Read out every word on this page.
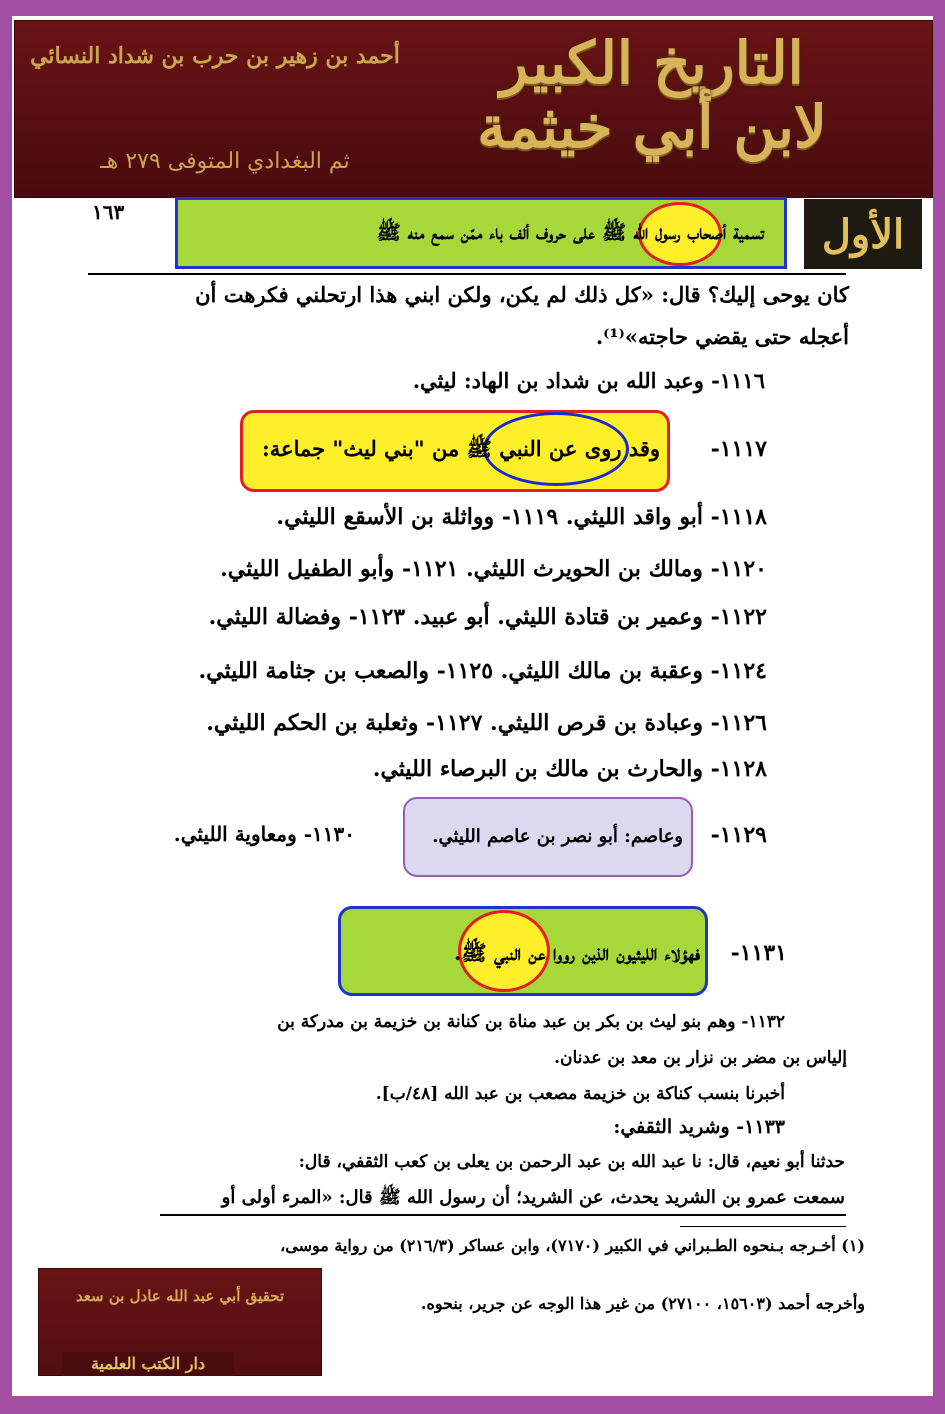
التاريخ الكبير
لابن أبي خيثمة
أحمد بن زهير بن حرب بن شداد النسائي
ثم البغدادي المتوفى ٢٧٩ هـ
١٦٣
تسمية أصحاب رسول الله ﷺ على حروف ألف باء ممّن سمع منه ﷺ	الأول
كان يوحى إليك؟ قال: «كل ذلك لم يكن، ولكن ابني هذا ارتحلني فكرهت أن
أعجله حتى يقضي حاجته»⁽¹⁾.
١١١٦- وعبد الله بن شداد بن الهاد: ليثي.
١١١٧-
وقد روى عن النبي ﷺ من "بني ليث" جماعة:
١١١٨- أبو واقد الليثي. ١١١٩- وواثلة بن الأسقع الليثي.
١١٢٠- ومالك بن الحويرث الليثي. ١١٢١- وأبو الطفيل الليثي.
١١٢٢- وعمير بن قتادة الليثي. أبو عبيد. ١١٢٣- وفضالة الليثي.
١١٢٤- وعقبة بن مالك الليثي. ١١٢٥- والصعب بن جثامة الليثي.
١١٢٦- وعبادة بن قرص الليثي. ١١٢٧- وثعلبة بن الحكم الليثي.
١١٢٨- والحارث بن مالك بن البرصاء الليثي.
١١٢٩-
وعاصم: أبو نصر بن عاصم الليثي.
١١٣٠- ومعاوية الليثي.
١١٣١-
فهؤلاء الليثيون الذين رووا عن النبي ﷺ.
١١٣٢- وهم بنو ليث بن بكر بن عبد مناة بن كنانة بن خزيمة بن مدركة بن
إلياس بن مضر بن نزار بن معد بن عدنان.
أخبرنا بنسب كناكة بن خزيمة مصعب بن عبد الله [٤٨/ب].
١١٣٣- وشريد الثقفي:
حدثنا أبو نعيم، قال: نا عبد الله بن عبد الرحمن بن يعلى بن كعب الثقفي، قال:
سمعت عمرو بن الشريد يحدث، عن الشريد؛ أن رسول الله ﷺ قال: «المرء أولى أو
(١) أخـرجه بـنحوه الطـبراني في الكبير (٧١٧٠)، وابن عساكر (٢١٦/٣) من رواية موسى،
وأخرجه أحمد (١٥٦٠٣، ٢٧١٠٠) من غير هذا الوجه عن جرير، بنحوه.
تحقيق أبي عبد الله عادل بن سعد
دار الكتب العلمية
